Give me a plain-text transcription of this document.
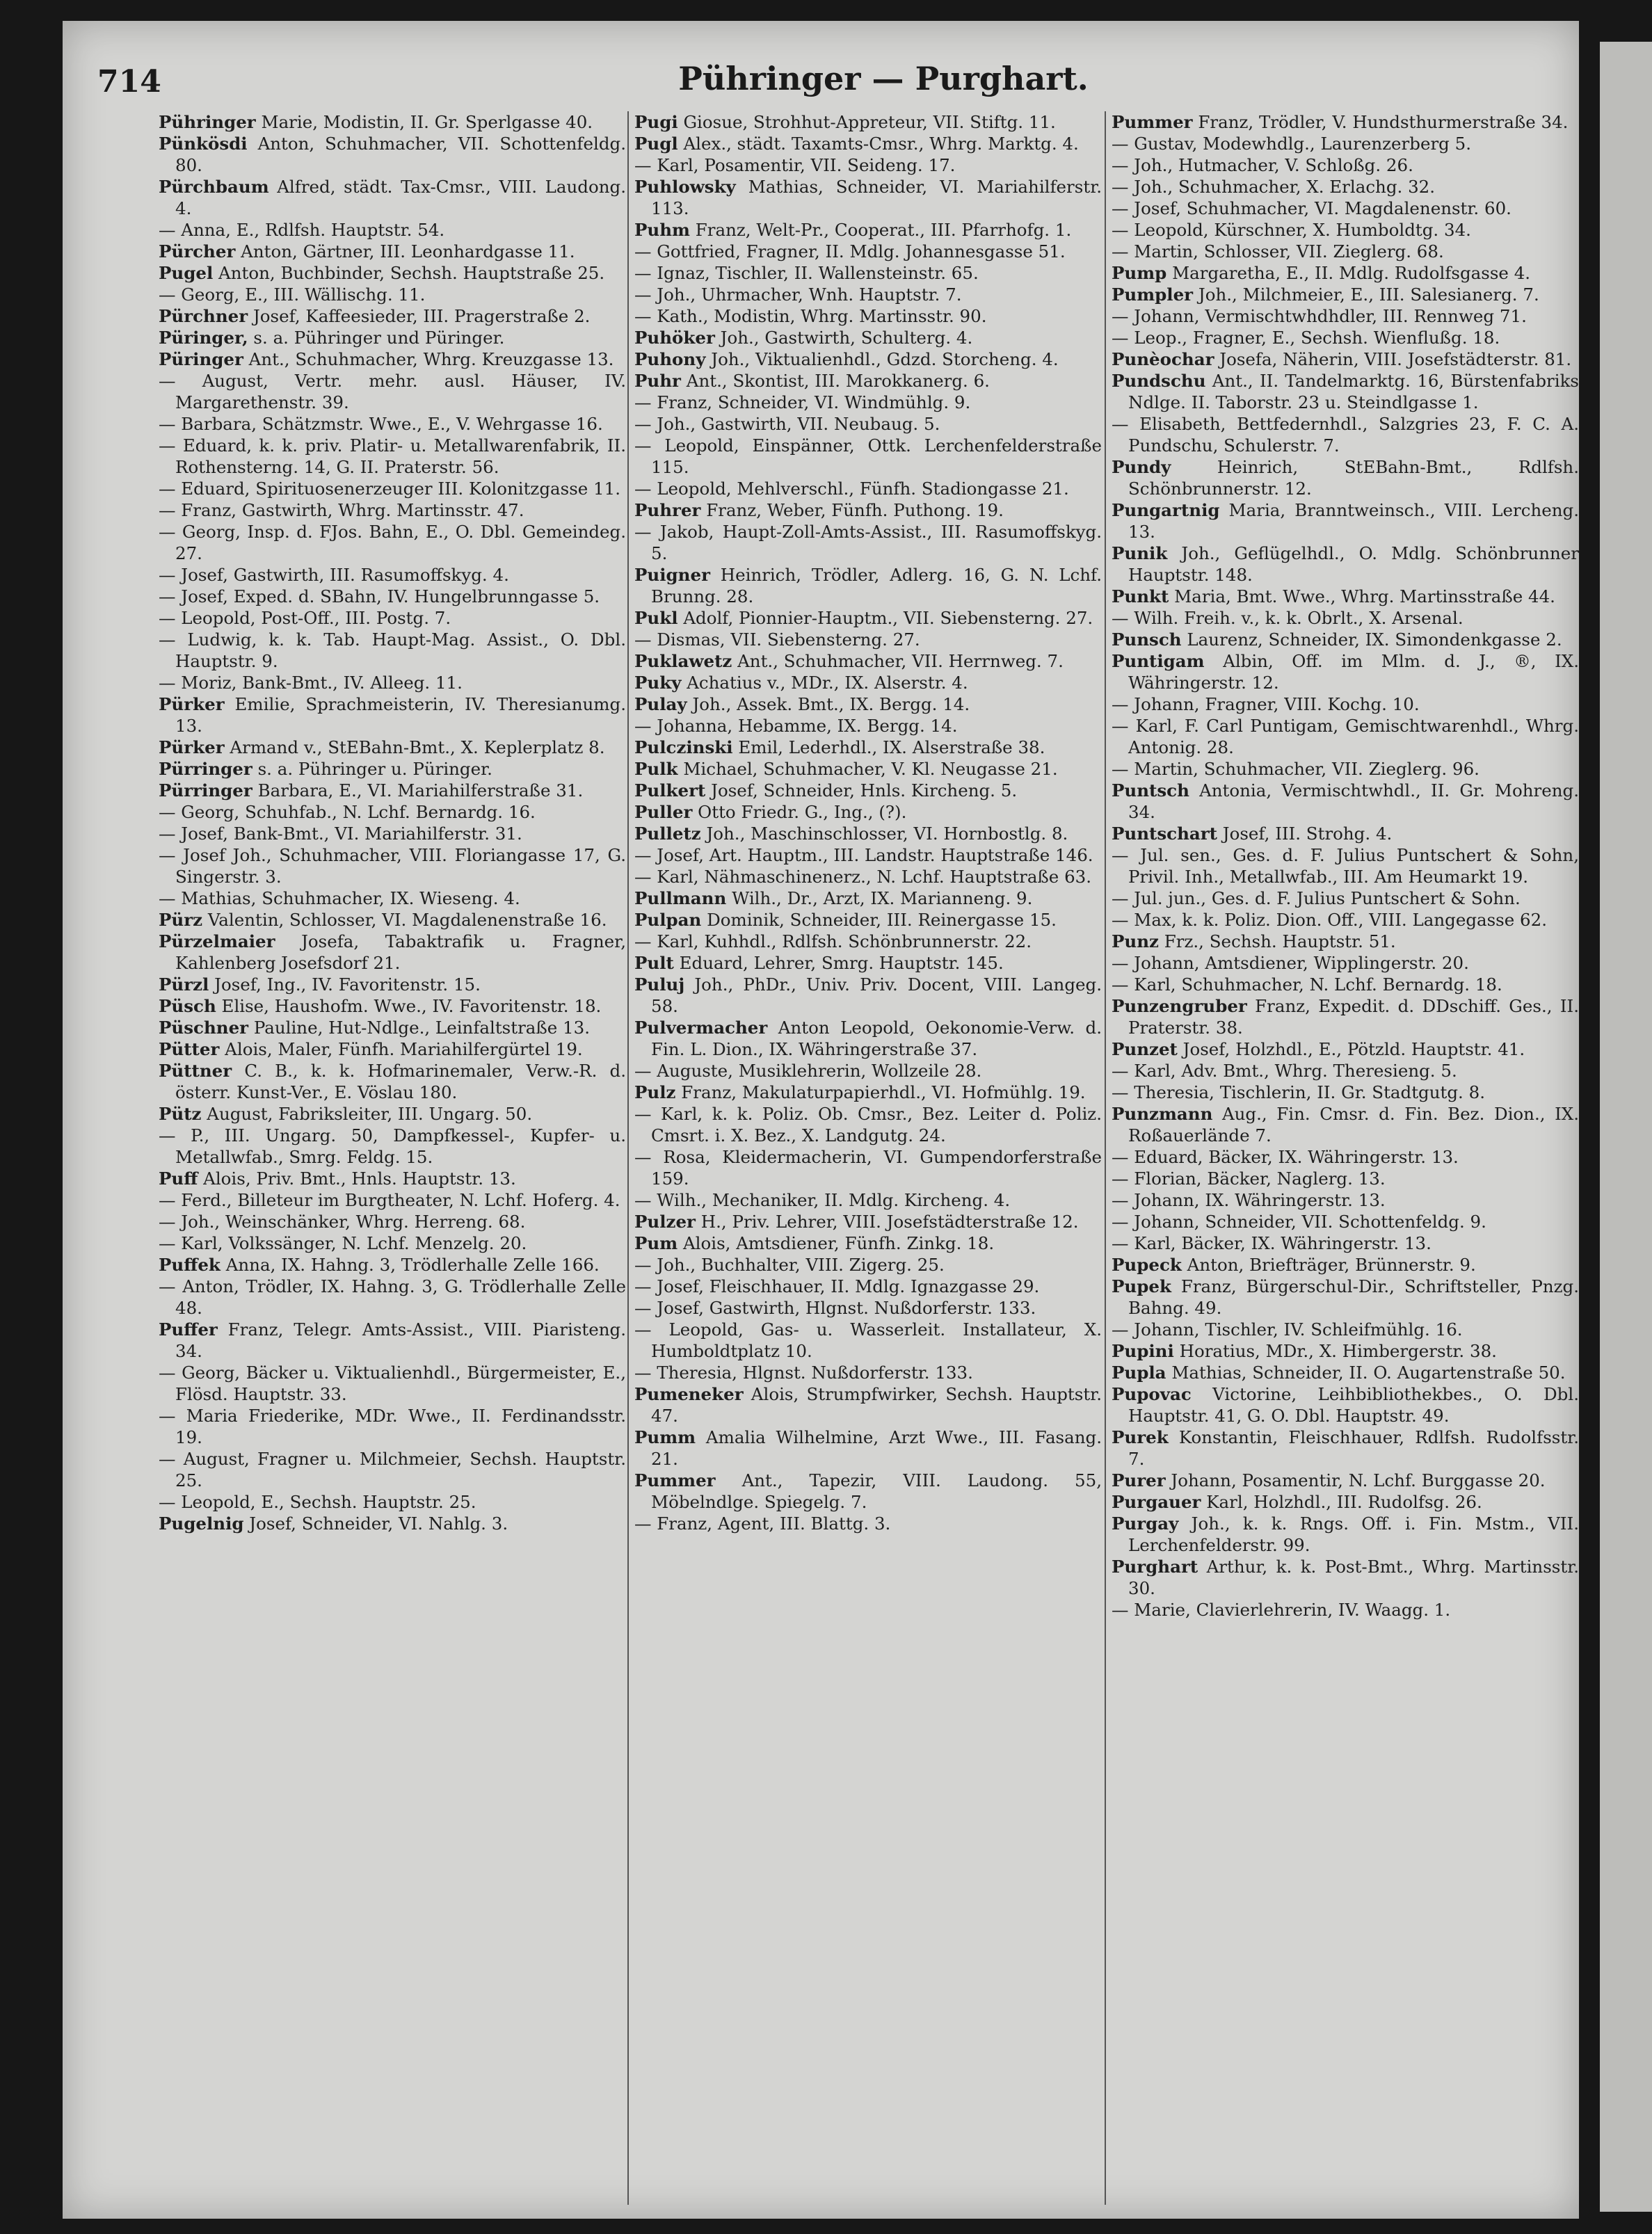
714	Pühringer — Purghart.

Pühringer Marie, Modistin, II. Gr. Sperlgasse 40.

Pünkösdi Anton, Schuhmacher, VII. Schottenfeldg. 80.

Pürchbaum Alfred, städt. Tax-Cmsr., VIII. Laudong. 4.

— Anna, E., Rdlfsh. Hauptstr. 54.

Pürcher Anton, Gärtner, III. Leonhardgasse 11.

Pugel Anton, Buchbinder, Sechsh. Hauptstraße 25.

— Georg, E., III. Wällischg. 11.

Pürchner Josef, Kaffeesieder, III. Pragerstraße 2.

Püringer, s. a. Pühringer und Püringer.

Püringer Ant., Schuhmacher, Whrg. Kreuzgasse 13.

— August, Vertr. mehr. ausl. Häuser, IV. Margarethenstr. 39.

— Barbara, Schätzmstr. Wwe., E., V. Wehrgasse 16.

— Eduard, k. k. priv. Platir- u. Metallwarenfabrik, II. Rothensterng. 14, G. II. Praterstr. 56.

— Eduard, Spirituosenerzeuger III. Kolonitzgasse 11.

— Franz, Gastwirth, Whrg. Martinsstr. 47.

— Georg, Insp. d. FJos. Bahn, E., O. Dbl. Gemeindeg. 27.

— Josef, Gastwirth, III. Rasumoffskyg. 4.

— Josef, Exped. d. SBahn, IV. Hungelbrunngasse 5.

— Leopold, Post-Off., III. Postg. 7.

— Ludwig, k. k. Tab. Haupt-Mag. Assist., O. Dbl. Hauptstr. 9.

— Moriz, Bank-Bmt., IV. Alleeg. 11.

Pürker Emilie, Sprachmeisterin, IV. Theresianumg. 13.

Pürker Armand v., StEBahn-Bmt., X. Keplerplatz 8.

Pürringer s. a. Pühringer u. Püringer.

Pürringer Barbara, E., VI. Mariahilferstraße 31.

— Georg, Schuhfab., N. Lchf. Bernardg. 16.

— Josef, Bank-Bmt., VI. Mariahilferstr. 31.

— Josef Joh., Schuhmacher, VIII. Floriangasse 17, G. Singerstr. 3.

— Mathias, Schuhmacher, IX. Wieseng. 4.

Pürz Valentin, Schlosser, VI. Magdalenenstraße 16.

Pürzelmaier Josefa, Tabaktrafik u. Fragner, Kahlenberg Josefsdorf 21.

Pürzl Josef, Ing., IV. Favoritenstr. 15.

Püsch Elise, Haushofm. Wwe., IV. Favoritenstr. 18.

Püschner Pauline, Hut-Ndlge., Leinfaltstraße 13.

Pütter Alois, Maler, Fünfh. Mariahilfergürtel 19.

Püttner C. B., k. k. Hofmarinemaler, Verw.-R. d. österr. Kunst-Ver., E. Vöslau 180.

Pütz August, Fabriksleiter, III. Ungarg. 50.

— P., III. Ungarg. 50, Dampfkessel-, Kupfer- u. Metallwfab., Smrg. Feldg. 15.

Puff Alois, Priv. Bmt., Hnls. Hauptstr. 13.

— Ferd., Billeteur im Burgtheater, N. Lchf. Hoferg. 4.

— Joh., Weinschänker, Whrg. Herreng. 68.

— Karl, Volkssänger, N. Lchf. Menzelg. 20.

Puffek Anna, IX. Hahng. 3, Trödlerhalle Zelle 166.

— Anton, Trödler, IX. Hahng. 3, G. Trödlerhalle Zelle 48.

Puffer Franz, Telegr. Amts-Assist., VIII. Piaristeng. 34.

— Georg, Bäcker u. Viktualienhdl., Bürgermeister, E., Flösd. Hauptstr. 33.

— Maria Friederike, MDr. Wwe., II. Ferdinandsstr. 19.

— August, Fragner u. Milchmeier, Sechsh. Hauptstr. 25.

— Leopold, E., Sechsh. Hauptstr. 25.

Pugelnig Josef, Schneider, VI. Nahlg. 3.

Pugi Giosue, Strohhut-Appreteur, VII. Stiftg. 11.

Pugl Alex., städt. Taxamts-Cmsr., Whrg. Marktg. 4.

— Karl, Posamentir, VII. Seideng. 17.

Puhlowsky Mathias, Schneider, VI. Mariahilferstr. 113.

Puhm Franz, Welt-Pr., Cooperat., III. Pfarrhofg. 1.

— Gottfried, Fragner, II. Mdlg. Johannesgasse 51.

— Ignaz, Tischler, II. Wallensteinstr. 65.

— Joh., Uhrmacher, Wnh. Hauptstr. 7.

— Kath., Modistin, Whrg. Martinsstr. 90.

Puhöker Joh., Gastwirth, Schulterg. 4.

Puhony Joh., Viktualienhdl., Gdzd. Storcheng. 4.

Puhr Ant., Skontist, III. Marokkanerg. 6.

— Franz, Schneider, VI. Windmühlg. 9.

— Joh., Gastwirth, VII. Neubaug. 5.

— Leopold, Einspänner, Ottk. Lerchenfelderstraße 115.

— Leopold, Mehlverschl., Fünfh. Stadiongasse 21.

Puhrer Franz, Weber, Fünfh. Puthong. 19.

— Jakob, Haupt-Zoll-Amts-Assist., III. Rasumoffskyg. 5.

Puigner Heinrich, Trödler, Adlerg. 16, G. N. Lchf. Brunng. 28.

Pukl Adolf, Pionnier-Hauptm., VII. Siebensterng. 27.

— Dismas, VII. Siebensterng. 27.

Puklawetz Ant., Schuhmacher, VII. Herrnweg. 7.

Puky Achatius v., MDr., IX. Alserstr. 4.

Pulay Joh., Assek. Bmt., IX. Bergg. 14.

— Johanna, Hebamme, IX. Bergg. 14.

Pulczinski Emil, Lederhdl., IX. Alserstraße 38.

Pulk Michael, Schuhmacher, V. Kl. Neugasse 21.

Pulkert Josef, Schneider, Hnls. Kircheng. 5.

Puller Otto Friedr. G., Ing., (?).

Pulletz Joh., Maschinschlosser, VI. Hornbostlg. 8.

— Josef, Art. Hauptm., III. Landstr. Hauptstraße 146.

— Karl, Nähmaschinenerz., N. Lchf. Hauptstraße 63.

Pullmann Wilh., Dr., Arzt, IX. Marianneng. 9.

Pulpan Dominik, Schneider, III. Reinergasse 15.

— Karl, Kuhhdl., Rdlfsh. Schönbrunnerstr. 22.

Pult Eduard, Lehrer, Smrg. Hauptstr. 145.

Puluj Joh., PhDr., Univ. Priv. Docent, VIII. Langeg. 58.

Pulvermacher Anton Leopold, Oekonomie-Verw. d. Fin. L. Dion., IX. Währingerstraße 37.

— Auguste, Musiklehrerin, Wollzeile 28.

Pulz Franz, Makulaturpapierhdl., VI. Hofmühlg. 19.

— Karl, k. k. Poliz. Ob. Cmsr., Bez. Leiter d. Poliz. Cmsrt. i. X. Bez., X. Landgutg. 24.

— Rosa, Kleidermacherin, VI. Gumpendorferstraße 159.

— Wilh., Mechaniker, II. Mdlg. Kircheng. 4.

Pulzer H., Priv. Lehrer, VIII. Josefstädterstraße 12.

Pum Alois, Amtsdiener, Fünfh. Zinkg. 18.

— Joh., Buchhalter, VIII. Zigerg. 25.

— Josef, Fleischhauer, II. Mdlg. Ignazgasse 29.

— Josef, Gastwirth, Hlgnst. Nußdorferstr. 133.

— Leopold, Gas- u. Wasserleit. Installateur, X. Humboldtplatz 10.

— Theresia, Hlgnst. Nußdorferstr. 133.

Pumeneker Alois, Strumpfwirker, Sechsh. Hauptstr. 47.

Pumm Amalia Wilhelmine, Arzt Wwe., III. Fasang. 21.

Pummer Ant., Tapezir, VIII. Laudong. 55, Möbelndlge. Spiegelg. 7.

— Franz, Agent, III. Blattg. 3.

Pummer Franz, Trödler, V. Hundsthurmerstraße 34.

— Gustav, Modewhdlg., Laurenzerberg 5.

— Joh., Hutmacher, V. Schloßg. 26.

— Joh., Schuhmacher, X. Erlachg. 32.

— Josef, Schuhmacher, VI. Magdalenenstr. 60.

— Leopold, Kürschner, X. Humboldtg. 34.

— Martin, Schlosser, VII. Zieglerg. 68.

Pump Margaretha, E., II. Mdlg. Rudolfsgasse 4.

Pumpler Joh., Milchmeier, E., III. Salesianerg. 7.

— Johann, Vermischtwhdhdler, III. Rennweg 71.

— Leop., Fragner, E., Sechsh. Wienflußg. 18.

Punèochar Josefa, Näherin, VIII. Josefstädterstr. 81.

Pundschu Ant., II. Tandelmarktg. 16, Bürstenfabriks Ndlge. II. Taborstr. 23 u. Steindlgasse 1.

— Elisabeth, Bettfedernhdl., Salzgries 23, F. C. A. Pundschu, Schulerstr. 7.

Pundy Heinrich, StEBahn-Bmt., Rdlfsh. Schönbrunnerstr. 12.

Pungartnig Maria, Branntweinsch., VIII. Lercheng. 13.

Punik Joh., Geflügelhdl., O. Mdlg. Schönbrunner Hauptstr. 148.

Punkt Maria, Bmt. Wwe., Whrg. Martinsstraße 44.

— Wilh. Freih. v., k. k. Obrlt., X. Arsenal.

Punsch Laurenz, Schneider, IX. Simondenkgasse 2.

Puntigam Albin, Off. im Mlm. d. J., ®, IX. Währingerstr. 12.

— Johann, Fragner, VIII. Kochg. 10.

— Karl, F. Carl Puntigam, Gemischtwarenhdl., Whrg. Antonig. 28.

— Martin, Schuhmacher, VII. Zieglerg. 96.

Puntsch Antonia, Vermischtwhdl., II. Gr. Mohreng. 34.

Puntschart Josef, III. Strohg. 4.

— Jul. sen., Ges. d. F. Julius Puntschert & Sohn, Privil. Inh., Metallwfab., III. Am Heumarkt 19.

— Jul. jun., Ges. d. F. Julius Puntschert & Sohn.

— Max, k. k. Poliz. Dion. Off., VIII. Langegasse 62.

Punz Frz., Sechsh. Hauptstr. 51.

— Johann, Amtsdiener, Wipplingerstr. 20.

— Karl, Schuhmacher, N. Lchf. Bernardg. 18.

Punzengruber Franz, Expedit. d. DDschiff. Ges., II. Praterstr. 38.

Punzet Josef, Holzhdl., E., Pötzld. Hauptstr. 41.

— Karl, Adv. Bmt., Whrg. Theresieng. 5.

— Theresia, Tischlerin, II. Gr. Stadtgutg. 8.

Punzmann Aug., Fin. Cmsr. d. Fin. Bez. Dion., IX. Roßauerlände 7.

— Eduard, Bäcker, IX. Währingerstr. 13.

— Florian, Bäcker, Naglerg. 13.

— Johann, IX. Währingerstr. 13.

— Johann, Schneider, VII. Schottenfeldg. 9.

— Karl, Bäcker, IX. Währingerstr. 13.

Pupeck Anton, Briefträger, Brünnerstr. 9.

Pupek Franz, Bürgerschul-Dir., Schriftsteller, Pnzg. Bahng. 49.

— Johann, Tischler, IV. Schleifmühlg. 16.

Pupini Horatius, MDr., X. Himbergerstr. 38.

Pupla Mathias, Schneider, II. O. Augartenstraße 50.

Pupovac Victorine, Leihbibliothekbes., O. Dbl. Hauptstr. 41, G. O. Dbl. Hauptstr. 49.

Purek Konstantin, Fleischhauer, Rdlfsh. Rudolfsstr. 7.

Purer Johann, Posamentir, N. Lchf. Burggasse 20.

Purgauer Karl, Holzhdl., III. Rudolfsg. 26.

Purgay Joh., k. k. Rngs. Off. i. Fin. Mstm., VII. Lerchenfelderstr. 99.

Purghart Arthur, k. k. Post-Bmt., Whrg. Martinsstr. 30.

— Marie, Clavierlehrerin, IV. Waagg. 1.
